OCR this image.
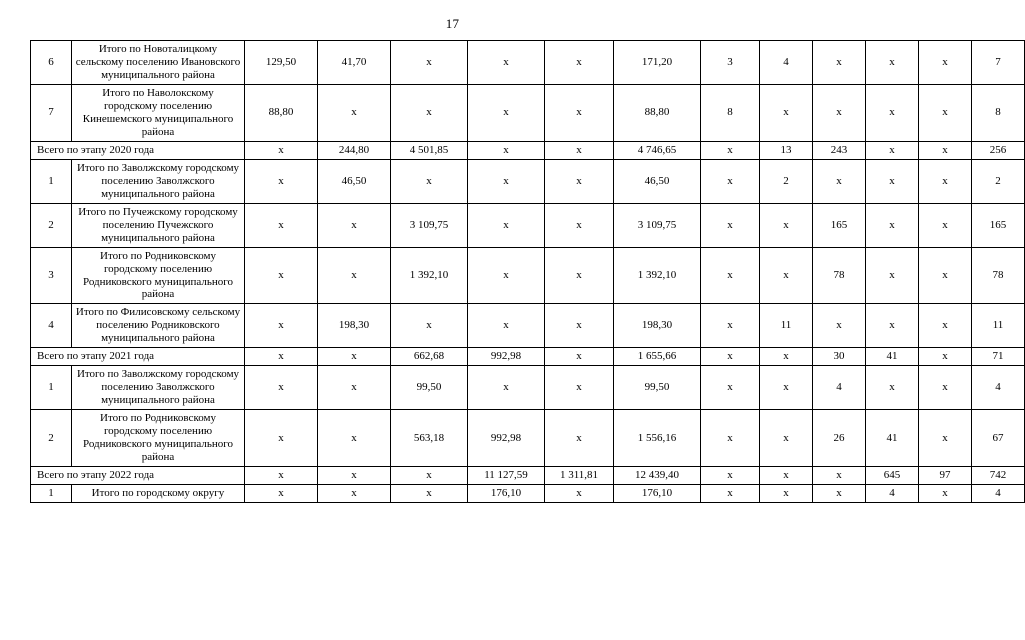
17
6	Итого по Новоталицкому сельскому поселению Ивановского муниципального района	129,50	41,70	х	х	х	171,20	3	4	х	х	х	7
7	Итого по Наволокскому городскому поселению Кинешемского муниципального района	88,80	х	х	х	х	88,80	8	х	х	х	х	8
Всего по этапу 2020 года		х	244,80	4 501,85	х	х	4 746,65	х	13	243	х	х	256
1	Итого по Заволжскому городскому поселению Заволжского муниципального района	х	46,50	х	х	х	46,50	х	2	х	х	х	2
2	Итого по Пучежскому городскому поселению Пучежского муниципального района	х	х	3 109,75	х	х	3 109,75	х	х	165	х	х	165
3	Итого по Родниковскому городскому поселению Родниковского муниципального района	х	х	1 392,10	х	х	1 392,10	х	х	78	х	х	78
4	Итого по Филисовскому сельскому поселению Родниковского муниципального района	х	198,30	х	х	х	198,30	х	11	х	х	х	11
Всего по этапу 2021 года		х	х	662,68	992,98	х	1 655,66	х	х	30	41	х	71
1	Итого по Заволжскому городскому поселению Заволжского муниципального района	х	х	99,50	х	х	99,50	х	х	4	х	х	4
2	Итого по Родниковскому городскому поселению Родниковского муниципального района	х	х	563,18	992,98	х	1 556,16	х	х	26	41	х	67
Всего по этапу 2022 года		х	х	х	11 127,59	1 311,81	12 439,40	х	х	х	645	97	742
1	Итого по городскому округу	х	х	х	176,10	х	176,10	х	х	х	4	х	4
